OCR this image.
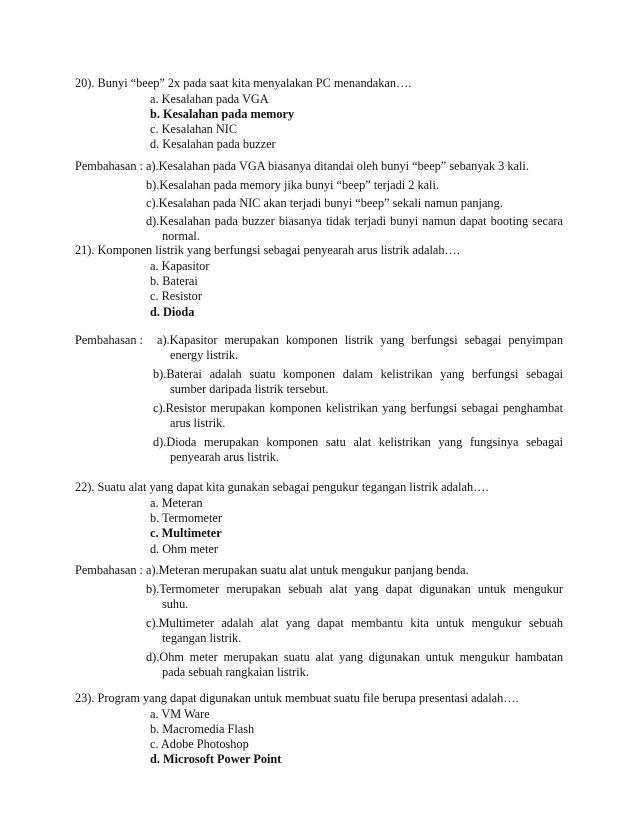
20). Bunyi “beep” 2x pada saat kita menyalakan PC menandakan….
a. Kesalahan pada VGA
b. Kesalahan pada memory
c. Kesalahan NIC
d. Kesalahan pada buzzer
Pembahasan : a).Kesalahan pada VGA biasanya ditandai oleh bunyi “beep” sebanyak 3 kali.
b).Kesalahan pada memory jika bunyi “beep” terjadi 2 kali.
c).Kesalahan pada NIC akan terjadi bunyi “beep” sekali namun panjang.
d).Kesalahan pada buzzer biasanya tidak terjadi bunyi namun dapat booting secara
normal.
21). Komponen listrik yang berfungsi sebagai penyearah arus listrik adalah….
a. Kapasitor
b. Baterai
c. Resistor
d. Dioda
Pembahasan : a).Kapasitor merupakan komponen listrik yang berfungsi sebagai penyimpan
energy listrik.
b).Baterai adalah suatu komponen dalam kelistrikan yang berfungsi sebagai
sumber daripada listrik tersebut.
c).Resistor merupakan komponen kelistrikan yang berfungsi sebagai penghambat
arus listrik.
d).Dioda merupakan komponen satu alat kelistrikan yang fungsinya sebagai
penyearah arus listrik.
22). Suatu alat yang dapat kita gunakan sebagai pengukur tegangan listrik adalah….
a. Meteran
b. Termometer
c. Multimeter
d. Ohm meter
Pembahasan : a).Meteran merupakan suatu alat untuk mengukur panjang benda.
b).Termometer merupakan sebuah alat yang dapat digunakan untuk mengukur
suhu.
c).Multimeter adalah alat yang dapat membantu kita untuk mengukur sebuah
tegangan listrik.
d).Ohm meter merupakan suatu alat yang digunakan untuk mengukur hambatan
pada sebuah rangkaian listrik.
23). Program yang dapat digunakan untuk membuat suatu file berupa presentasi adalah….
a. VM Ware
b. Macromedia Flash
c. Adobe Photoshop
d. Microsoft Power Point
